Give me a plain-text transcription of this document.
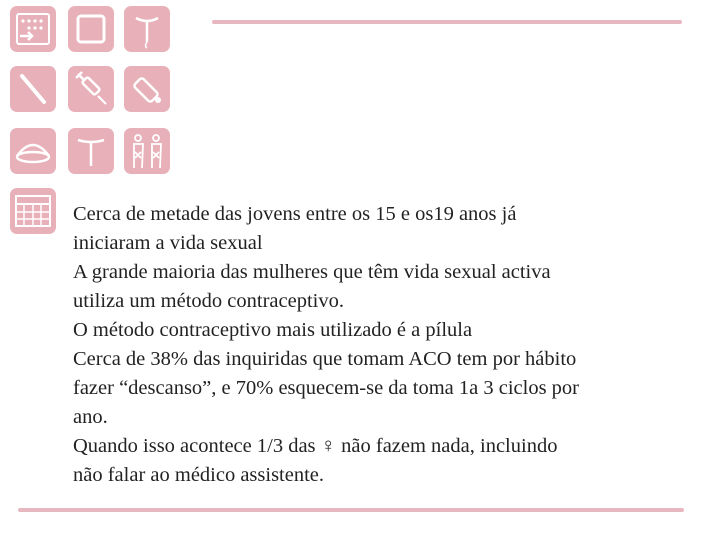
Cerca de metade das jovens entre os 15 e os19 anos já

iniciaram a vida sexual

A grande maioria das mulheres que têm vida sexual activa

utiliza um método contraceptivo.

O método contraceptivo mais utilizado é a pílula

Cerca de 38% das inquiridas que tomam ACO tem por hábito

fazer “descanso”, e 70% esquecem-se da toma 1a 3 ciclos por

ano.

Quando isso acontece 1/3 das ♀ não fazem nada, incluindo

não falar ao médico assistente.
